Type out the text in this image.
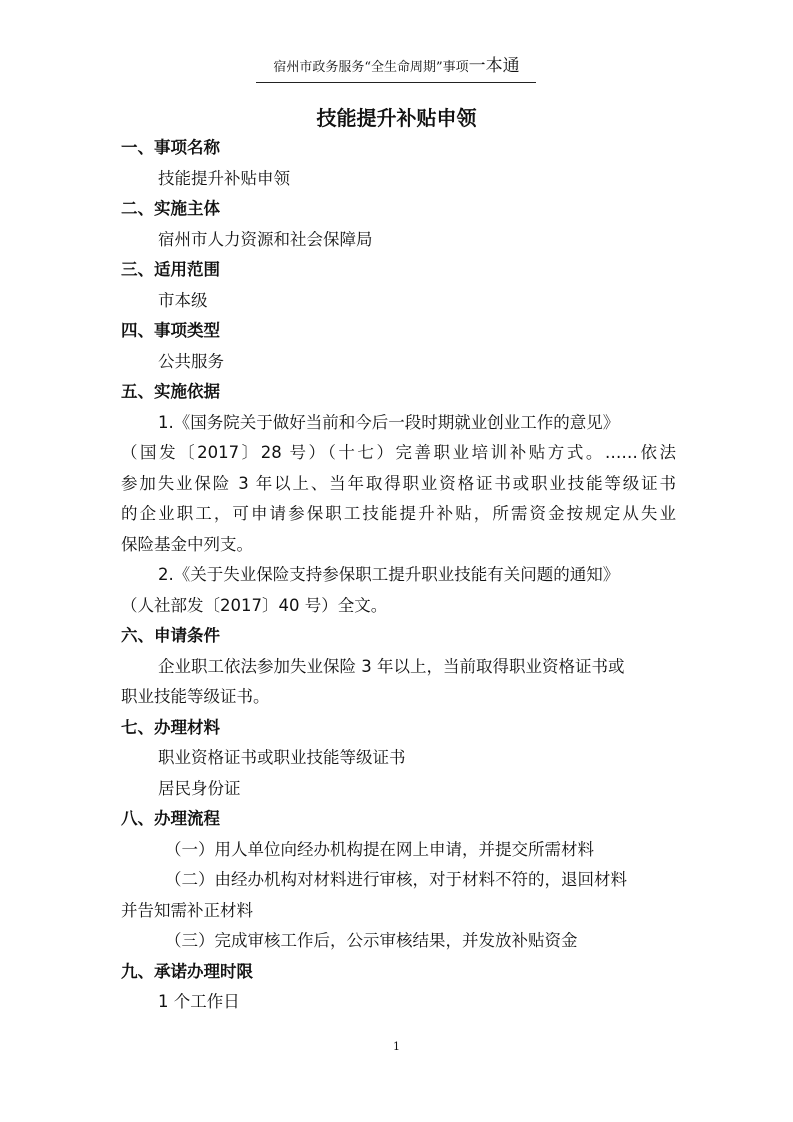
宿州市政务服务“全生命周期”事项一本通
技能提升补贴申领
一、事项名称
技能提升补贴申领
二、实施主体
宿州市人力资源和社会保障局
三、适用范围
市本级
四、事项类型
公共服务
五、实施依据
1.《国务院关于做好当前和今后一段时期就业创业工作的意见》
（国发〔2017〕28 号）（十七）完善职业培训补贴方式。……依法
参加失业保险 3 年以上、当年取得职业资格证书或职业技能等级证书
的企业职工，可申请参保职工技能提升补贴，所需资金按规定从失业
保险基金中列支。
2.《关于失业保险支持参保职工提升职业技能有关问题的通知》
（人社部发〔2017〕40 号）全文。
六、申请条件
企业职工依法参加失业保险 3 年以上，当前取得职业资格证书或
职业技能等级证书。
七、办理材料
职业资格证书或职业技能等级证书
居民身份证
八、办理流程
（一）用人单位向经办机构提在网上申请，并提交所需材料
（二）由经办机构对材料进行审核，对于材料不符的，退回材料
并告知需补正材料
（三）完成审核工作后，公示审核结果，并发放补贴资金
九、承诺办理时限
1 个工作日
1
